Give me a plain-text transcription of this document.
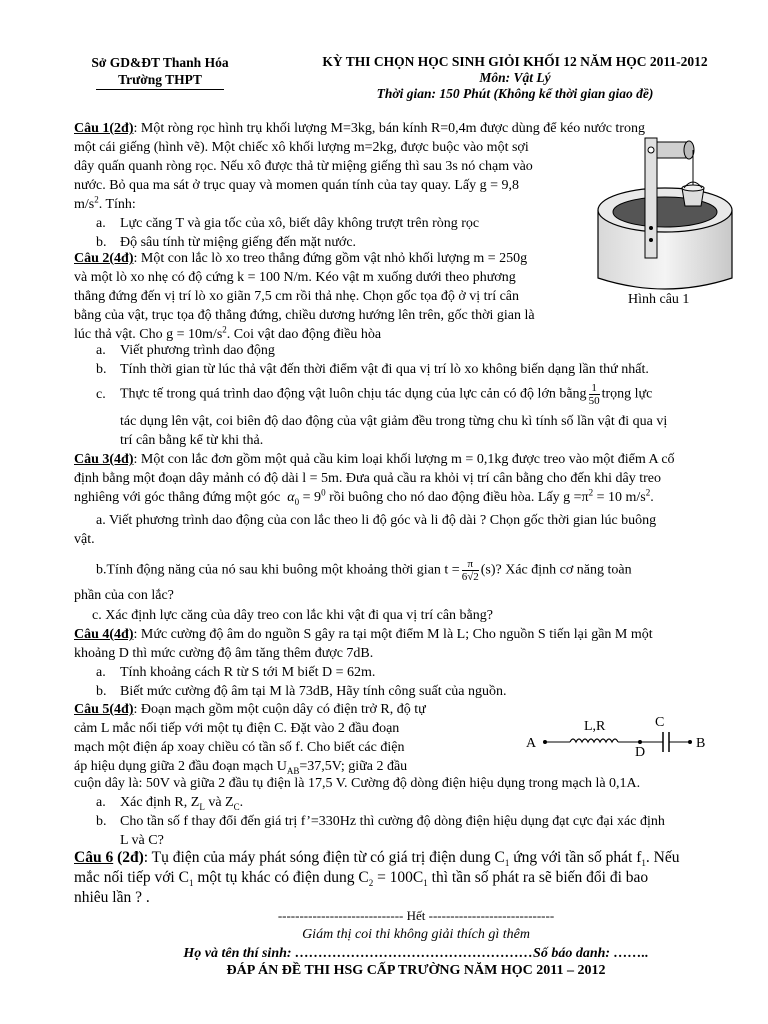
Sở GD&ĐT Thanh Hóa
Trường THPT
KỲ THI CHỌN HỌC SINH GIỎI KHỐI 12 NĂM HỌC 2011-2012
Môn: Vật Lý
Thời gian: 150 Phút (Không kể thời gian giao đề)
Câu 1(2đ): Một ròng rọc hình trụ khối lượng M=3kg, bán kính R=0,4m được dùng để kéo nước trong
một cái giếng (hình vẽ). Một chiếc xô khối lượng m=2kg, được buộc vào một sợi
dây quấn quanh ròng rọc. Nếu xô được thả từ miệng giếng thì sau 3s nó chạm vào
nước. Bỏ qua ma sát ở trục quay và momen quán tính của tay quay. Lấy g = 9,8
$m/s^2$. Tính:
a. Lực căng T và gia tốc của xô, biết dây không trượt trên ròng rọc
b. Độ sâu tính từ miệng giếng đến mặt nước.
Hình câu 1
Câu 2(4đ): Một con lắc lò xo treo thẳng đứng gồm vật nhỏ khối lượng m = 250g
và một lò xo nhẹ có độ cứng k = 100 N/m. Kéo vật m xuống dưới theo phương
thẳng đứng đến vị trí lò xo giãn 7,5 cm rồi thả nhẹ. Chọn gốc tọa độ ở vị trí cân
bằng của vật, trục tọa độ thẳng đứng, chiều dương hướng lên trên, gốc thời gian là
lúc thả vật. Cho $g = 10m/s^2$. Coi vật dao động điều hòa
a. Viết phương trình dao động
b. Tính thời gian từ lúc thả vật đến thời điểm vật đi qua vị trí lò xo không biến dạng lần thứ nhất.
c. Thực tế trong quá trình dao động vật luôn chịu tác dụng của lực cản có độ lớn bằng $\frac{1}{50}$ trọng lực
tác dụng lên vật, coi biên độ dao động của vật giảm đều trong từng chu kì tính số lần vật đi qua vị
trí cân bằng kể từ khi thả.
Câu 3(4đ): Một con lắc đơn gồm một quả cầu kim loại khối lượng m = 0,1kg được treo vào một điểm A cố
định bằng một đoạn dây mảnh có độ dài l = 5m. Đưa quả cầu ra khỏi vị trí cân bằng cho đến khi dây treo
nghiêng với góc thẳng đứng một góc $\alpha_0 = 9^0$ rồi buông cho nó dao động điều hòa. Lấy $g =\pi^2 = 10$ $m/s^2$.
a. Viết phương trình dao động của con lắc theo li độ góc và li độ dài ? Chọn gốc thời gian lúc buông
vật.
b.Tính động năng của nó sau khi buông một khoảng thời gian $t = \frac{\pi}{6√2} (s)$? Xác định cơ năng toàn
phần của con lắc?
c. Xác định lực căng của dây treo con lắc khi vật đi qua vị trí cân bằng?
Câu 4(4đ): Mức cường độ âm do nguồn S gây ra tại một điểm M là L; Cho nguồn S tiến lại gần M một
khoảng D thì mức cường độ âm tăng thêm được 7dB.
a. Tính khoảng cách R từ S tới M biết D = 62m.
b. Biết mức cường độ âm tại M là 73dB, Hãy tính công suất của nguồn.
Câu 5(4đ): Đoạn mạch gồm một cuộn dây có điện trở R, độ tự
cảm L mắc nối tiếp với một tụ điện C. Đặt vào 2 đầu đoạn
mạch một điện áp xoay chiều có tần số f. Cho biết các điện
áp hiệu dụng giữa 2 đầu đoạn mạch $U_{AB}=37,5V$; giữa 2 đầu
cuộn dây là: 50V và giữa 2 đầu tụ điện là 17,5 V. Cường độ dòng điện hiệu dụng trong mạch là 0,1A.
a. Xác định R, $Z_L$ và $Z_C$.
b. Cho tần số f thay đổi đến giá trị f’=330Hz thì cường độ dòng điện hiệu dụng đạt cực đại xác định
L và C?
A
L,R	C
D
B
Câu 6 (2đ): Tụ điện của máy phát sóng điện từ có giá trị điện dung $C_1$ ứng với tần số phát $f_1$. Nếu
mắc nối tiếp với $C_1$ một tụ khác có điện dung $C_2 = 100C_1$ thì tần số phát ra sẽ biến đổi đi bao
nhiêu lần ? .
----------------------------- Hết -----------------------------
Giám thị coi thi không giải thích gì thêm
Họ và tên thí sinh: ……………………………………………Số báo danh: ……..
ĐÁP ÁN ĐỀ THI HSG CẤP TRƯỜNG NĂM HỌC 2011 – 2012
